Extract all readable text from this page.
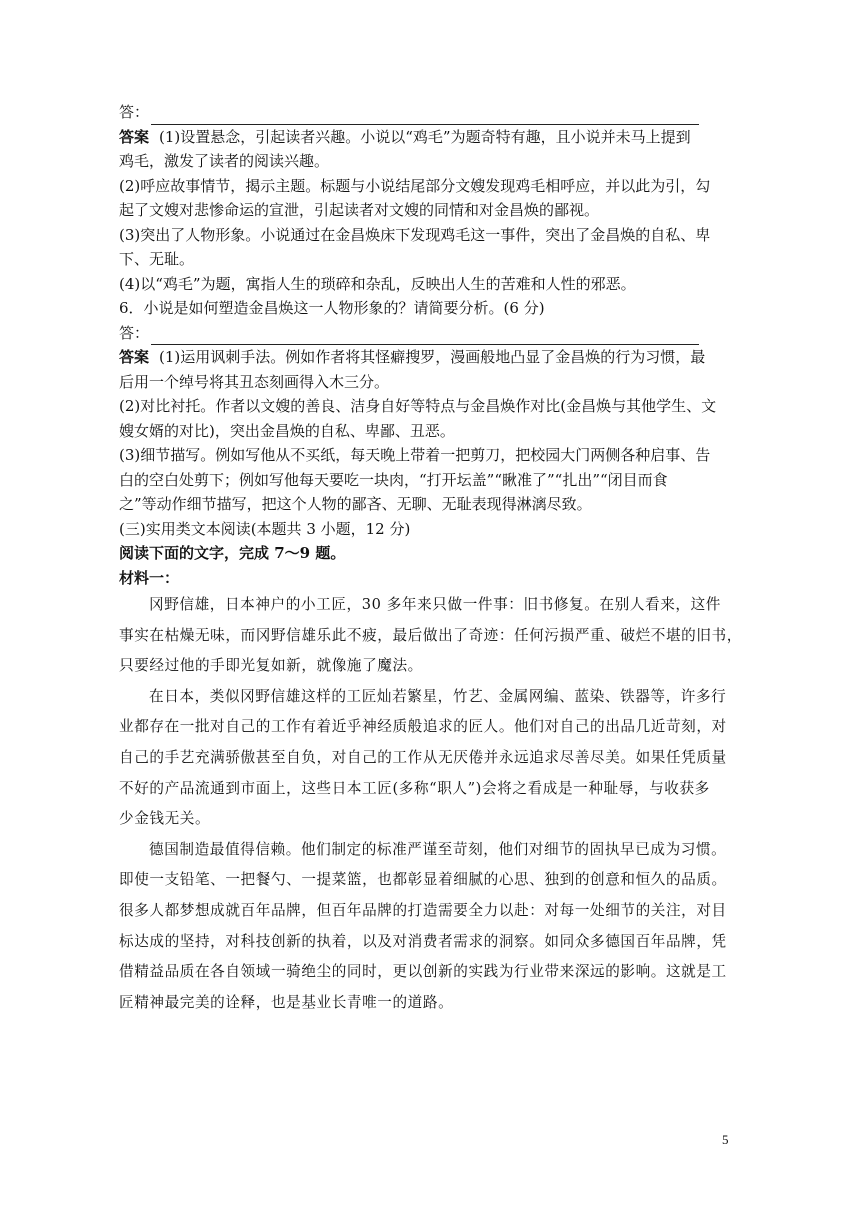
答：

答案 (1)设置悬念，引起读者兴趣。小说以“鸡毛”为题奇特有趣，且小说并未马上提到

鸡毛，激发了读者的阅读兴趣。

(2)呼应故事情节，揭示主题。标题与小说结尾部分文嫂发现鸡毛相呼应，并以此为引，勾

起了文嫂对悲惨命运的宣泄，引起读者对文嫂的同情和对金昌焕的鄙视。

(3)突出了人物形象。小说通过在金昌焕床下发现鸡毛这一事件，突出了金昌焕的自私、卑

下、无耻。

(4)以“鸡毛”为题，寓指人生的琐碎和杂乱，反映出人生的苦难和人性的邪恶。

6．小说是如何塑造金昌焕这一人物形象的？请简要分析。(6 分)

答：

答案 (1)运用讽刺手法。例如作者将其怪癖搜罗，漫画般地凸显了金昌焕的行为习惯，最

后用一个绰号将其丑态刻画得入木三分。

(2)对比衬托。作者以文嫂的善良、洁身自好等特点与金昌焕作对比(金昌焕与其他学生、文

嫂女婿的对比)，突出金昌焕的自私、卑鄙、丑恶。

(3)细节描写。例如写他从不买纸，每天晚上带着一把剪刀，把校园大门两侧各种启事、告

白的空白处剪下；例如写他每天要吃一块肉，“打开坛盖”“瞅准了”“扎出”“闭目而食

之”等动作细节描写，把这个人物的鄙吝、无聊、无耻表现得淋漓尽致。

(三)实用类文本阅读(本题共 3 小题，12 分)

阅读下面的文字，完成 7～9 题。

材料一：

冈野信雄，日本神户的小工匠，30 多年来只做一件事：旧书修复。在别人看来，这件

事实在枯燥无味，而冈野信雄乐此不疲，最后做出了奇迹：任何污损严重、破烂不堪的旧书，

只要经过他的手即光复如新，就像施了魔法。

在日本，类似冈野信雄这样的工匠灿若繁星，竹艺、金属网编、蓝染、铁器等，许多行

业都存在一批对自己的工作有着近乎神经质般追求的匠人。他们对自己的出品几近苛刻，对

自己的手艺充满骄傲甚至自负，对自己的工作从无厌倦并永远追求尽善尽美。如果任凭质量

不好的产品流通到市面上，这些日本工匠(多称“职人”)会将之看成是一种耻辱，与收获多

少金钱无关。

德国制造最值得信赖。他们制定的标准严谨至苛刻，他们对细节的固执早已成为习惯。

即使一支铅笔、一把餐勺、一提菜篮，也都彰显着细腻的心思、独到的创意和恒久的品质。

很多人都梦想成就百年品牌，但百年品牌的打造需要全力以赴：对每一处细节的关注，对目

标达成的坚持，对科技创新的执着，以及对消费者需求的洞察。如同众多德国百年品牌，凭

借精益品质在各自领域一骑绝尘的同时，更以创新的实践为行业带来深远的影响。这就是工

匠精神最完美的诠释，也是基业长青唯一的道路。

5
